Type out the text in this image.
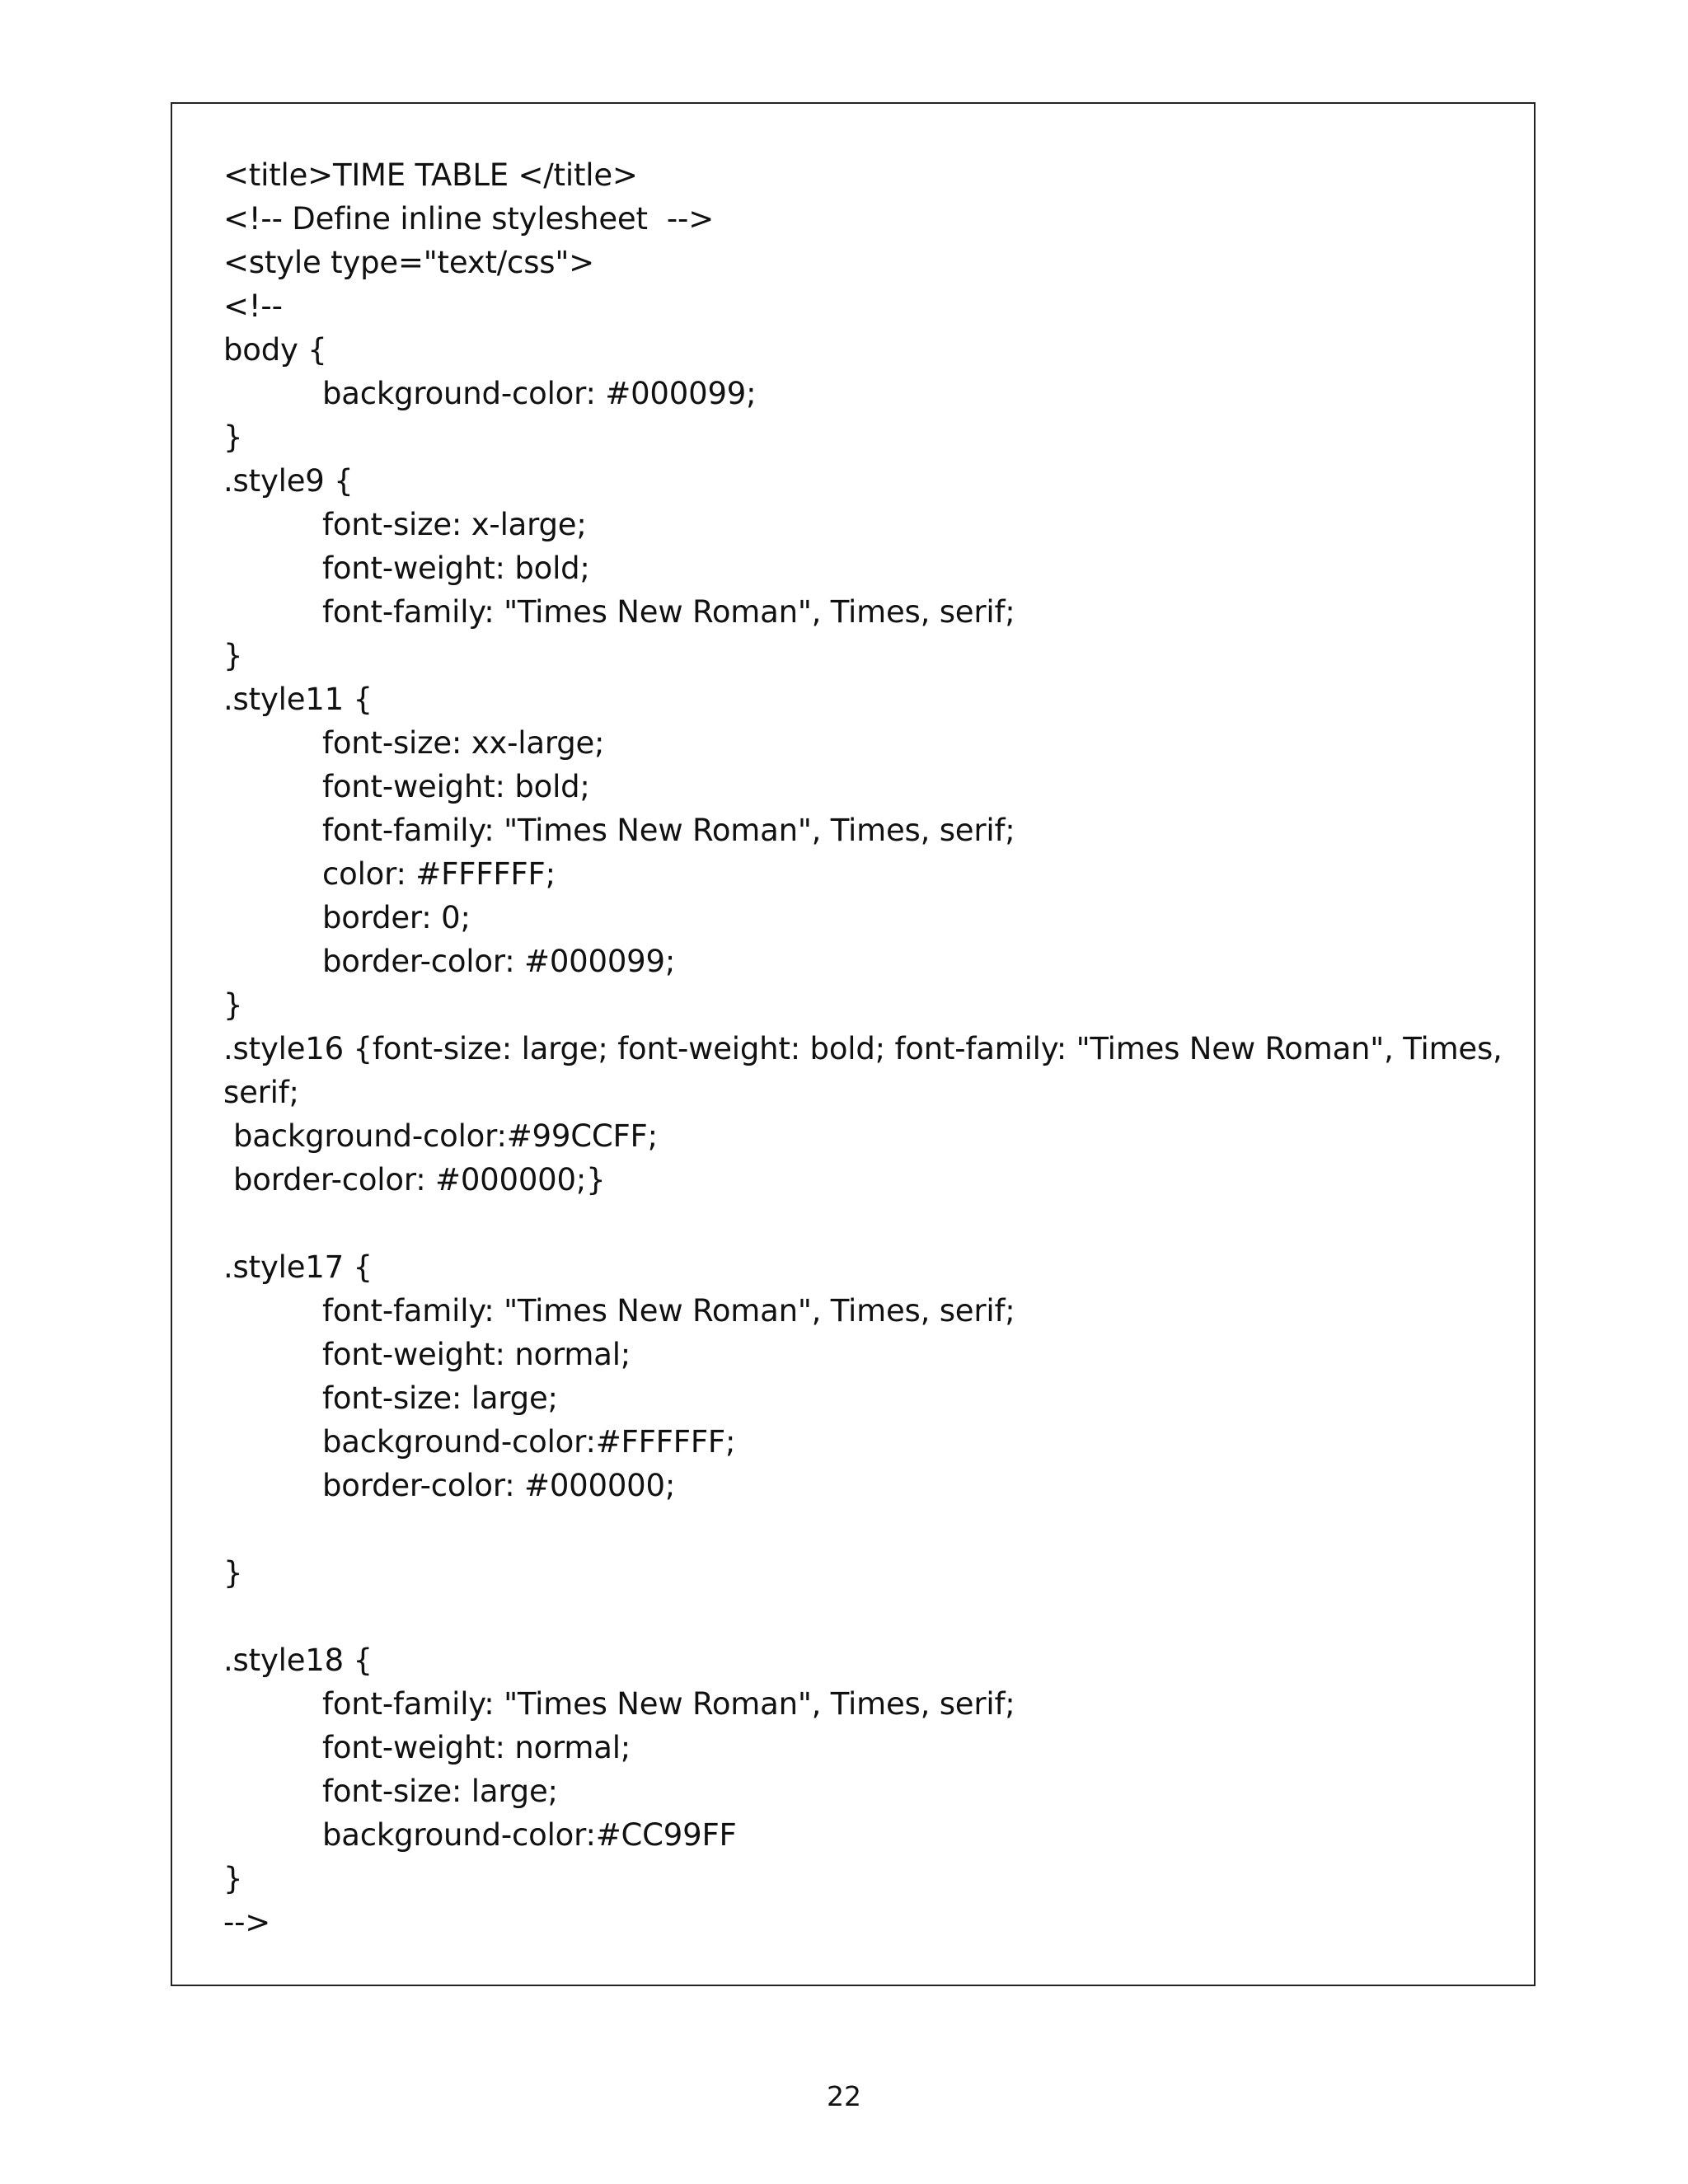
<title>TIME TABLE </title>
<!-- Define inline stylesheet  -->
<style type="text/css">
<!--
body {
background-color: #000099;
}
.style9 {
font-size: x-large;
font-weight: bold;
font-family: "Times New Roman", Times, serif;
}
.style11 {
font-size: xx-large;
font-weight: bold;
font-family: "Times New Roman", Times, serif;
color: #FFFFFF;
border: 0;
border-color: #000099;
}
.style16 {font-size: large; font-weight: bold; font-family: "Times New Roman", Times,
serif;
background-color:#99CCFF;
border-color: #000000;}
.style17 {
font-family: "Times New Roman", Times, serif;
font-weight: normal;
font-size: large;
background-color:#FFFFFF;
border-color: #000000;
}
.style18 {
font-family: "Times New Roman", Times, serif;
font-weight: normal;
font-size: large;
background-color:#CC99FF
}
-->
22
